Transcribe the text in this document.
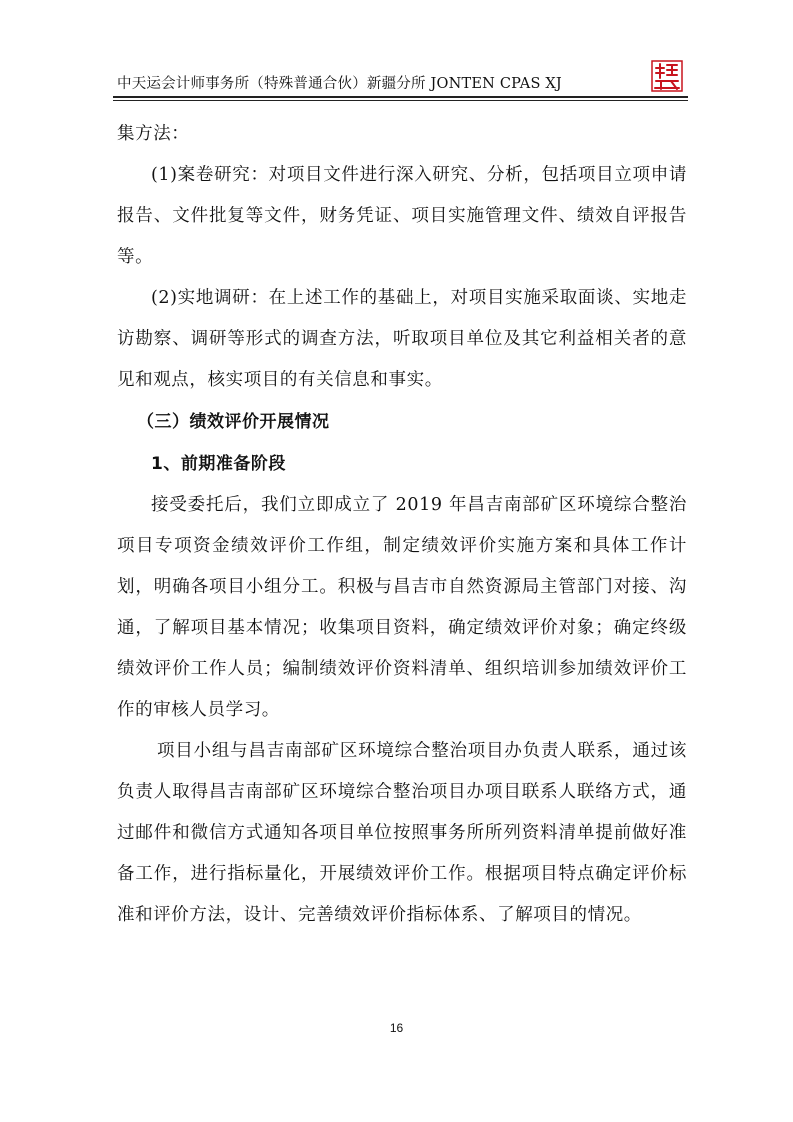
中天运会计师事务所（特殊普通合伙）新疆分所 JONTEN CPAS XJ

集方法：

(1)案卷研究：对项目文件进行深入研究、分析，包括项目立项申请报告、文件批复等文件，财务凭证、项目实施管理文件、绩效自评报告等。

(2)实地调研：在上述工作的基础上，对项目实施采取面谈、实地走访勘察、调研等形式的调查方法，听取项目单位及其它利益相关者的意见和观点，核实项目的有关信息和事实。

（三）绩效评价开展情况
1、前期准备阶段

接受委托后，我们立即成立了 2019 年昌吉南部矿区环境综合整治项目专项资金绩效评价工作组，制定绩效评价实施方案和具体工作计划，明确各项目小组分工。积极与昌吉市自然资源局主管部门对接、沟通，了解项目基本情况；收集项目资料，确定绩效评价对象；确定终级绩效评价工作人员；编制绩效评价资料清单、组织培训参加绩效评价工作的审核人员学习。

项目小组与昌吉南部矿区环境综合整治项目办负责人联系，通过该负责人取得昌吉南部矿区环境综合整治项目办项目联系人联络方式，通过邮件和微信方式通知各项目单位按照事务所所列资料清单提前做好准备工作，进行指标量化，开展绩效评价工作。根据项目特点确定评价标准和评价方法，设计、完善绩效评价指标体系、了解项目的情况。

16
